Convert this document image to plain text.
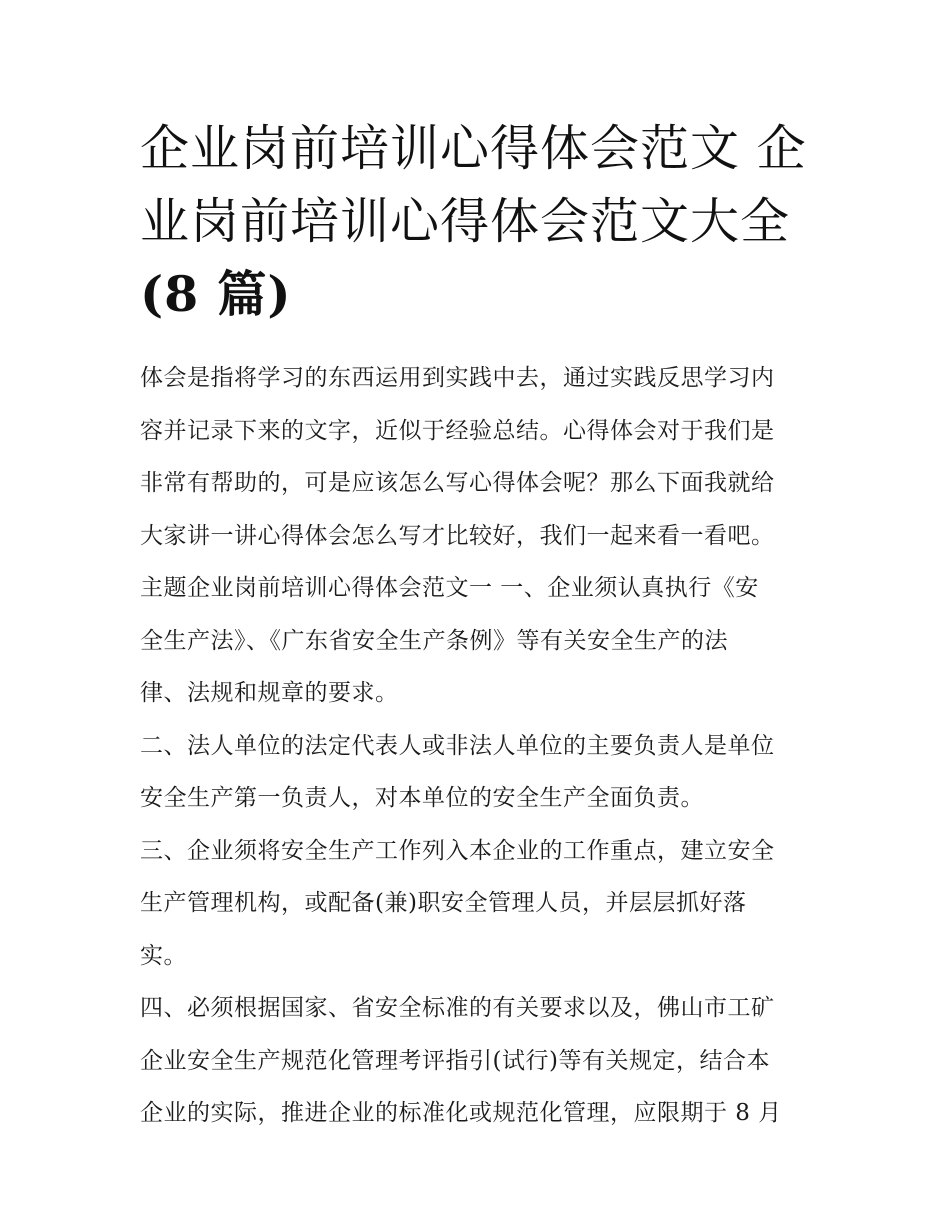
企业岗前培训心得体会范文 企
业岗前培训心得体会范文大全
(8 篇)
体会是指将学习的东西运用到实践中去，通过实践反思学习内
容并记录下来的文字，近似于经验总结。心得体会对于我们是
非常有帮助的，可是应该怎么写心得体会呢？那么下面我就给
大家讲一讲心得体会怎么写才比较好，我们一起来看一看吧。
主题企业岗前培训心得体会范文一 一、企业须认真执行《安
全生产法》、《广东省安全生产条例》等有关安全生产的法
律、法规和规章的要求。
二、法人单位的法定代表人或非法人单位的主要负责人是单位
安全生产第一负责人，对本单位的安全生产全面负责。
三、企业须将安全生产工作列入本企业的工作重点，建立安全
生产管理机构，或配备(兼)职安全管理人员，并层层抓好落
实。
四、必须根据国家、省安全标准的有关要求以及，佛山市工矿
企业安全生产规范化管理考评指引(试行)等有关规定，结合本
企业的实际，推进企业的标准化或规范化管理，应限期于 8 月
